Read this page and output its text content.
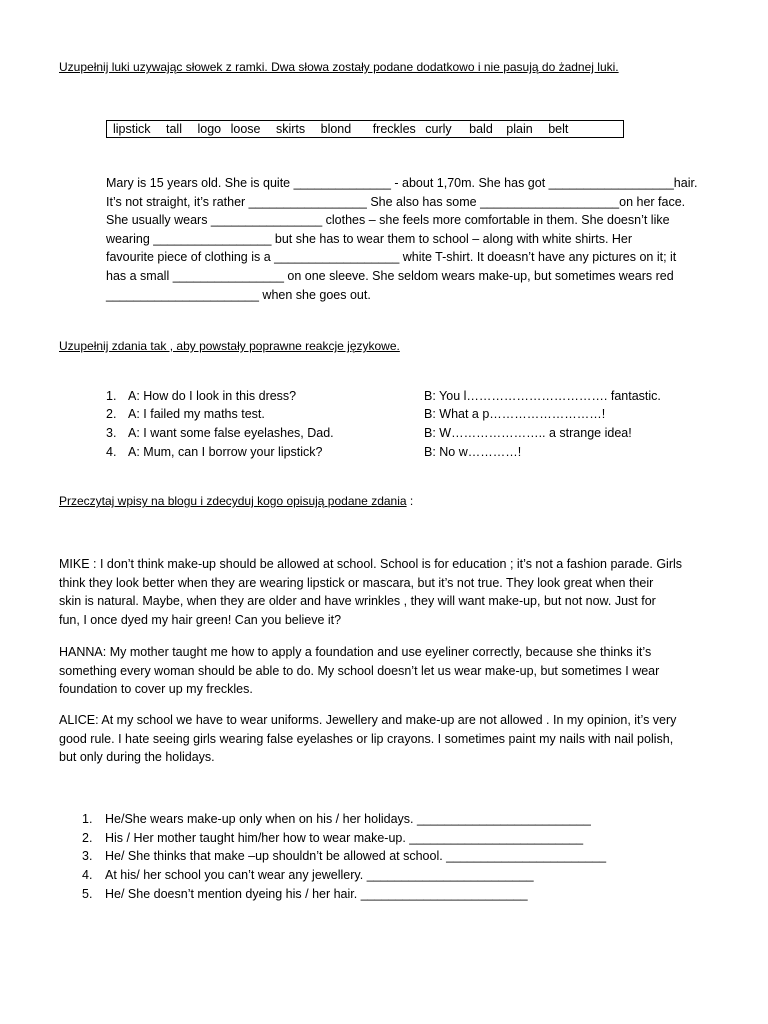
Uzupełnij luki uzywając słowek z ramki. Dwa słowa zostały podane dodatkowo i nie pasują do żadnej luki.
lipstick tall logo loose skirts blond freckles curly bald plain belt
Mary is 15 years old. She is quite ______________ - about 1,70m. She has got __________________hair.
It’s not straight, it’s rather _________________ She also has some ____________________on her face.
She usually wears ________________ clothes – she feels more comfortable in them. She doesn’t like
wearing _________________ but she has to wear them to school – along with white shirts. Her
favourite piece of clothing is a __________________ white T-shirt. It doeasn’t have any pictures on it; it
has a small ________________ on one sleeve. She seldom wears make-up, but sometimes wears red
______________________ when she goes out.
Uzupełnij zdania tak , aby powstały poprawne reakcje językowe.
1. A: How do I look in this dress?	B: You l……………………………. fantastic.
2. A: I failed my maths test.	B: What a p………………………!
3. A: I want some false eyelashes, Dad.	B: W………………….. a strange idea!
4. A: Mum, can I borrow your lipstick?	B: No w…………!
Przeczytaj wpisy na blogu i zdecyduj kogo opisują podane zdania :
MIKE : I don’t think make-up should be allowed at school. School is for education ; it’s not a fashion parade. Girls
think they look better when they are wearing lipstick or mascara, but it’s not true. They look great when their
skin is natural. Maybe, when they are older and have wrinkles , they will want make-up, but not now. Just for
fun, I once dyed my hair green! Can you believe it?
HANNA: My mother taught me how to apply a foundation and use eyeliner correctly, because she thinks it’s
something every woman should be able to do. My school doesn’t let us wear make-up, but sometimes I wear
foundation to cover up my freckles.
ALICE: At my school we have to wear uniforms. Jewellery and make-up are not allowed . In my opinion, it’s very
good rule. I hate seeing girls wearing false eyelashes or lip crayons. I sometimes paint my nails with nail polish,
but only during the holidays.
1. He/She wears make-up only when on his / her holidays. _________________________
2. His / Her mother taught him/her how to wear make-up. _________________________
3. He/ She thinks that make –up shouldn’t be allowed at school. _______________________
4. At his/ her school you can’t wear any jewellery. ________________________
5. He/ She doesn’t mention dyeing his / her hair. ________________________
